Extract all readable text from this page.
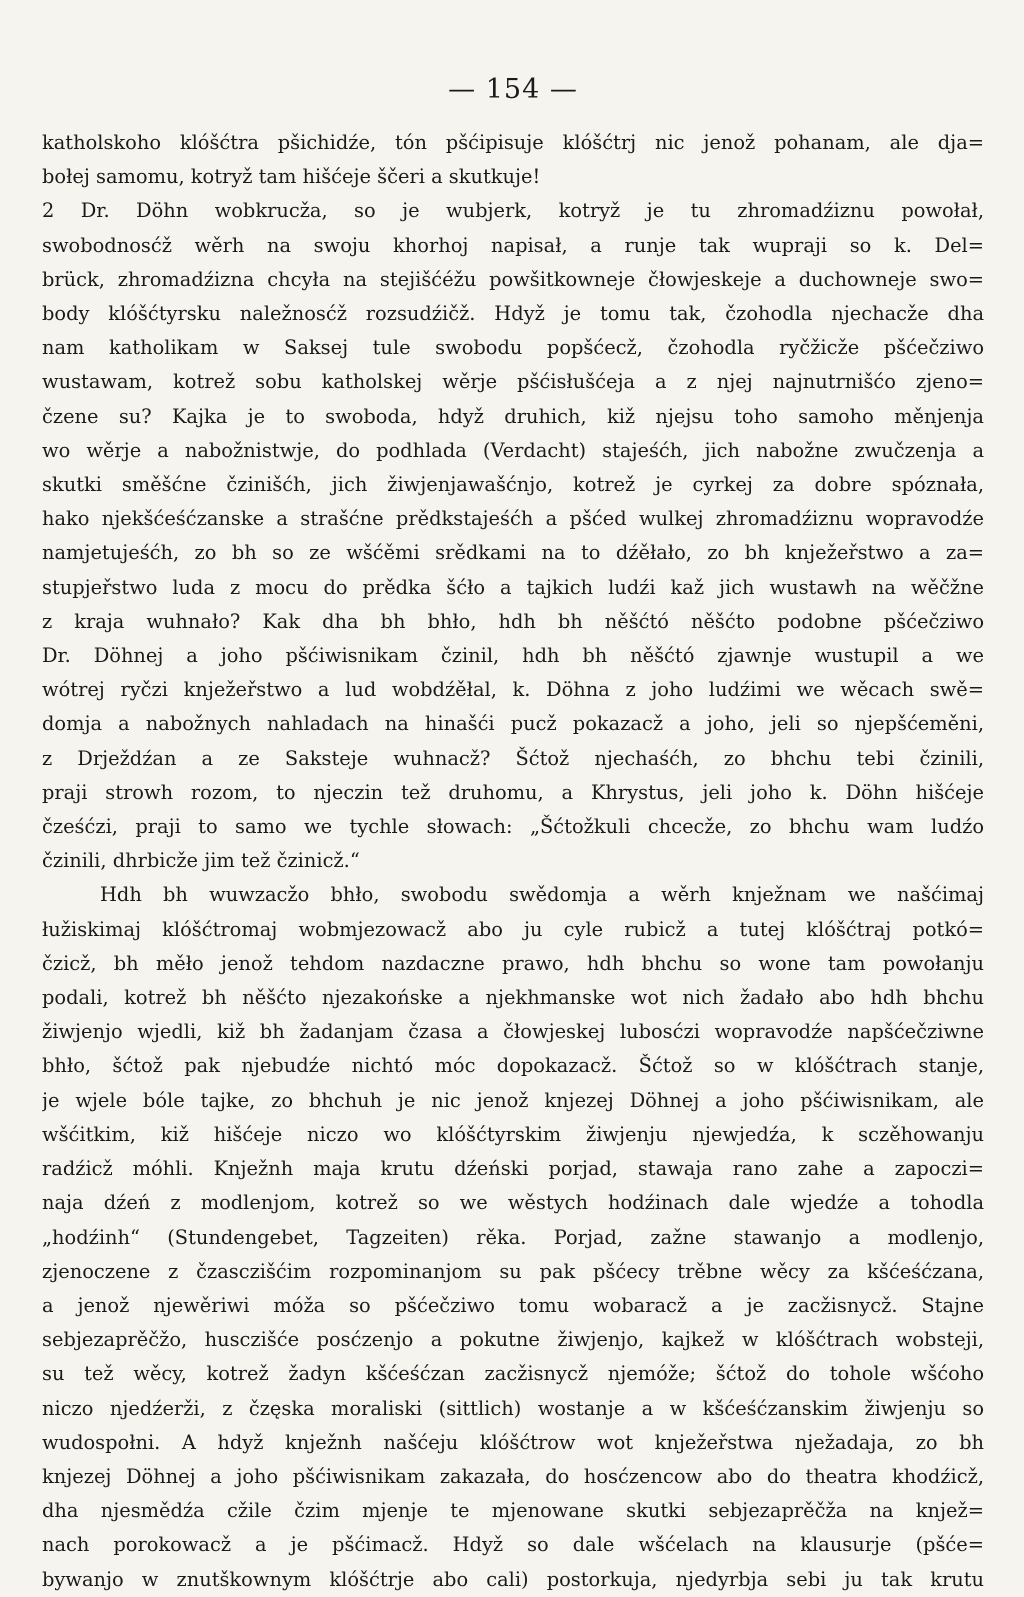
— 154 —
katholskoho klóšćtra pšichidźe, tón pšćipisuje klóšćtrj nic jenož pohanam, ale dja=
bołej samomu, kotryž tam hišćeje ščeri a skutkuje!
2 Dr. Döhn wobkrucža, so je wubjerk, kotryž je tu zhromadźiznu powołał,
swobodnosćž wěrh na swoju khorhoj napisał, a runje tak wupraji so k. Del=
brück, zhromadźizna chcyła na stejišćéžu powšitkowneje čłowjeskeje a duchowneje swo=
body klóšćtyrsku naležnosćž rozsudźičž. Hdyž je tomu tak, čzohodla njechacže dha
nam katholikam w Saksej tule swobodu popšćecž, čzohodla ryčžicže pšćečziwo
wustawam, kotrež sobu katholskej wěrje pšćisłušćeja a z njej najnutrnišćo zjeno=
čzene su? Kajka je to swoboda, hdyž druhich, kiž njejsu toho samoho měnjenja
wo wěrje a nabožnistwje, do podhlada (Verdacht) stajeśćh, jich nabožne zwučzenja a
skutki směšćne čzinišćh, jich žiwjenjawašćnjo, kotrež je cyrkej za dobre spóznała,
hako njekšćeśćzanske a strašćne prědkstajeśćh a pšćed wulkej zhromadźiznu wopravodźe
namjetujeśćh, zo bh so ze wšćěmi srědkami na to dźěłało, zo bh knježeřstwo a za=
stupjeřstwo luda z mocu do prědka šćło a tajkich ludźi kaž jich wustawh na wěčžne
z kraja wuhnało? Kak dha bh bhło, hdh bh něšćtó něšćto podobne pšćečziwo
Dr. Döhnej a joho pšćiwisnikam čzinil, hdh bh něšćtó zjawnje wustupil a we
wótrej ryčzi knježeřstwo a lud wobdźěłal, k. Döhna z joho ludźimi we wěcach swě=
domja a nabožnych nahladach na hinašći pucž pokazacž a joho, jeli so njepšćeměni,
z Drježdźan a ze Saksteje wuhnacž? Šćtož njechaśćh, zo bhchu tebi čzinili,
praji strowh rozom, to njeczin tež druhomu, a Khrystus, jeli joho k. Döhn hišćeje
čześćzi, praji to samo we tychle słowach: „Šćtožkuli chcecže, zo bhchu wam ludźo
čzinili, dhrbicže jim tež čzinicž.“
Hdh bh wuwzacžo bhło, swobodu swědomja a wěrh knježnam we našćimaj
łužiskimaj klóšćtromaj wobmjezowacž abo ju cyle rubicž a tutej klóšćtraj potkó=
čzicž, bh měło jenož tehdom nazdaczne prawo, hdh bhchu so wone tam powołanju
podali, kotrež bh něšćto njezakońske a njekhmanske wot nich žadało abo hdh bhchu
žiwjenjo wjedli, kiž bh žadanjam čzasa a čłowjeskej lubosćzi wopravodźe napšćečziwne
bhło, šćtož pak njebudźe nichtó móc dopokazacž. Šćtož so w klóšćtrach stanje,
je wjele bóle tajke, zo bhchuh je nic jenož knjezej Döhnej a joho pšćiwisnikam, ale
wšćitkim, kiž hišćeje niczo wo klóšćtyrskim žiwjenju njewjedźa, k sczěhowanju
radźicž móhli. Knježnh maja krutu dźeński porjad, stawaja rano zahe a zapoczi=
naja dźeń z modlenjom, kotrež so we wěstych hodźinach dale wjedźe a tohodla
„hodźinh“ (Stundengebet, Tagzeiten) rěka. Porjad, zažne stawanjo a modlenjo,
zjenoczene z čzasczišćim rozpominanjom su pak pšćecy trěbne wěcy za kšćeśćzana,
a jenož njewěriwi móža so pšćečziwo tomu wobaracž a je zacžisnycž. Stajne
sebjezaprěčžo, husczišće posćzenjo a pokutne žiwjenjo, kajkež w klóšćtrach wobsteji,
su tež wěcy, kotrež žadyn kšćeśćzan zacžisnycž njemóže; šćtož do tohole wšćoho
niczo njedźerži, z čzęska moraliski (sittlich) wostanje a w kšćeśćzanskim žiwjenju so
wudospołni. A hdyž knježnh našćeju klóšćtrow wot knježeřstwa nježadaja, zo bh
knjezej Döhnej a joho pšćiwisnikam zakazała, do hosćzencow abo do theatra khodźicž,
dha njesmědźa cžile čzim mjenje te mjenowane skutki sebjezaprěčža na knjež=
nach porokowacž a je pšćimacž. Hdyž so dale wšćelach na klausurje (pšće=
bywanjo w znutškownym klóšćtrje abo cali) postorkuja, njedyrbja sebi ju tak krutu
